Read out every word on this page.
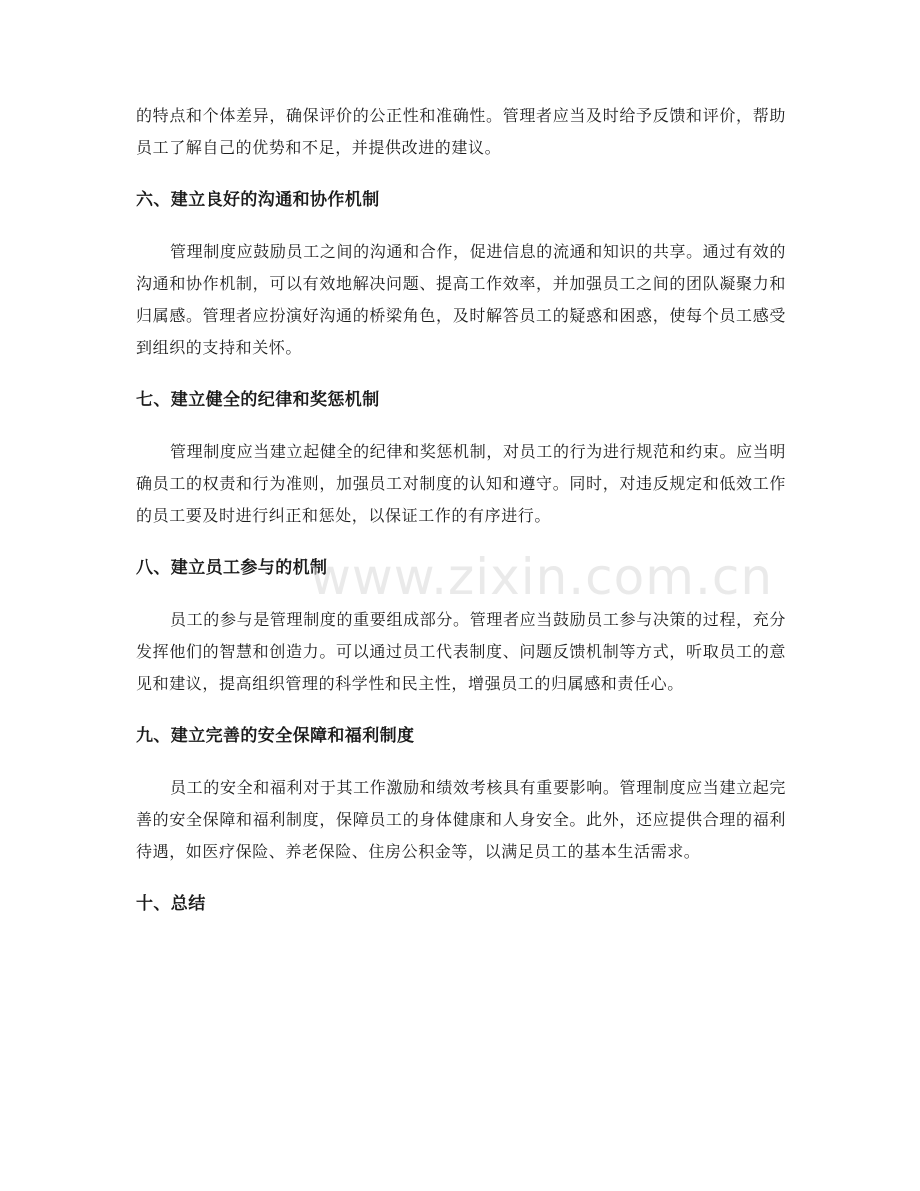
的特点和个体差异，确保评价的公正性和准确性。管理者应当及时给予反馈和评价，帮助员工了解自己的优势和不足，并提供改进的建议。

六、建立良好的沟通和协作机制

管理制度应鼓励员工之间的沟通和合作，促进信息的流通和知识的共享。通过有效的沟通和协作机制，可以有效地解决问题、提高工作效率，并加强员工之间的团队凝聚力和归属感。管理者应扮演好沟通的桥梁角色，及时解答员工的疑惑和困惑，使每个员工感受到组织的支持和关怀。

七、建立健全的纪律和奖惩机制

管理制度应当建立起健全的纪律和奖惩机制，对员工的行为进行规范和约束。应当明确员工的权责和行为准则，加强员工对制度的认知和遵守。同时，对违反规定和低效工作的员工要及时进行纠正和惩处，以保证工作的有序进行。

八、建立员工参与的机制

员工的参与是管理制度的重要组成部分。管理者应当鼓励员工参与决策的过程，充分发挥他们的智慧和创造力。可以通过员工代表制度、问题反馈机制等方式，听取员工的意见和建议，提高组织管理的科学性和民主性，增强员工的归属感和责任心。

九、建立完善的安全保障和福利制度

员工的安全和福利对于其工作激励和绩效考核具有重要影响。管理制度应当建立起完善的安全保障和福利制度，保障员工的身体健康和人身安全。此外，还应提供合理的福利待遇，如医疗保险、养老保险、住房公积金等，以满足员工的基本生活需求。

十、总结
www.zixin.com.cn
